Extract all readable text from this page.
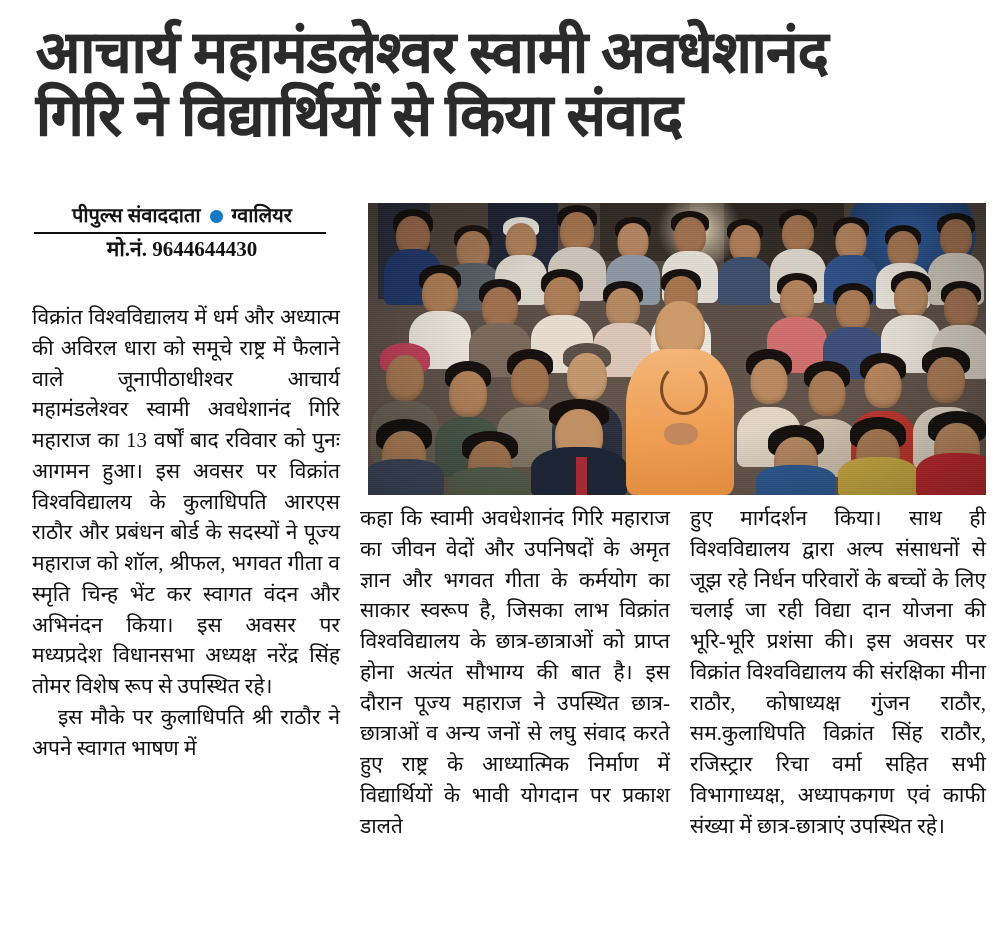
आचार्य महामंडलेश्वर स्वामी अवधेशानंद
गिरि ने विद्यार्थियों से किया संवाद
पीपुल्स संवाददाता ग्वालियर
मो.नं. 9644644430

विक्रांत विश्वविद्यालय में धर्म और अध्यात्म की अविरल धारा को समूचे राष्ट्र में फैलाने वाले जूनापीठाधीश्वर आचार्य महामंडलेश्वर स्वामी अवधेशानंद गिरि महाराज का 13 वर्षों बाद रविवार को पुनः आगमन हुआ। इस अवसर पर विक्रांत विश्वविद्यालय के कुलाधिपति आरएस राठौर और प्रबंधन बोर्ड के सदस्यों ने पूज्य महाराज को शॉल, श्रीफल, भगवत गीता व स्मृति चिन्ह भेंट कर स्वागत वंदन और अभिनंदन किया। इस अवसर पर मध्यप्रदेश विधानसभा अध्यक्ष नरेंद्र सिंह तोमर विशेष रूप से उपस्थित रहे।

इस मौके पर कुलाधिपति श्री राठौर ने अपने स्वागत भाषण में

कहा कि स्वामी अवधेशानंद गिरि महाराज का जीवन वेदों और उपनिषदों के अमृत ज्ञान और भगवत गीता के कर्मयोग का साकार स्वरूप है, जिसका लाभ विक्रांत विश्वविद्यालय के छात्र-छात्राओं को प्राप्त होना अत्यंत सौभाग्य की बात है। इस दौरान पूज्य महाराज ने उपस्थित छात्र-छात्राओं व अन्य जनों से लघु संवाद करते हुए राष्ट्र के आध्यात्मिक निर्माण में विद्यार्थियों के भावी योगदान पर प्रकाश डालते

हुए मार्गदर्शन किया। साथ ही विश्वविद्यालय द्वारा अल्प संसाधनों से जूझ रहे निर्धन परिवारों के बच्चों के लिए चलाई जा रही विद्या दान योजना की भूरि-भूरि प्रशंसा की। इस अवसर पर विक्रांत विश्वविद्यालय की संरक्षिका मीना राठौर, कोषाध्यक्ष गुंजन राठौर, सम.कुलाधिपति विक्रांत सिंह राठौर, रजिस्ट्रार रिचा वर्मा सहित सभी विभागाध्यक्ष, अध्यापकगण एवं काफी संख्या में छात्र-छात्राएं उपस्थित रहे।
